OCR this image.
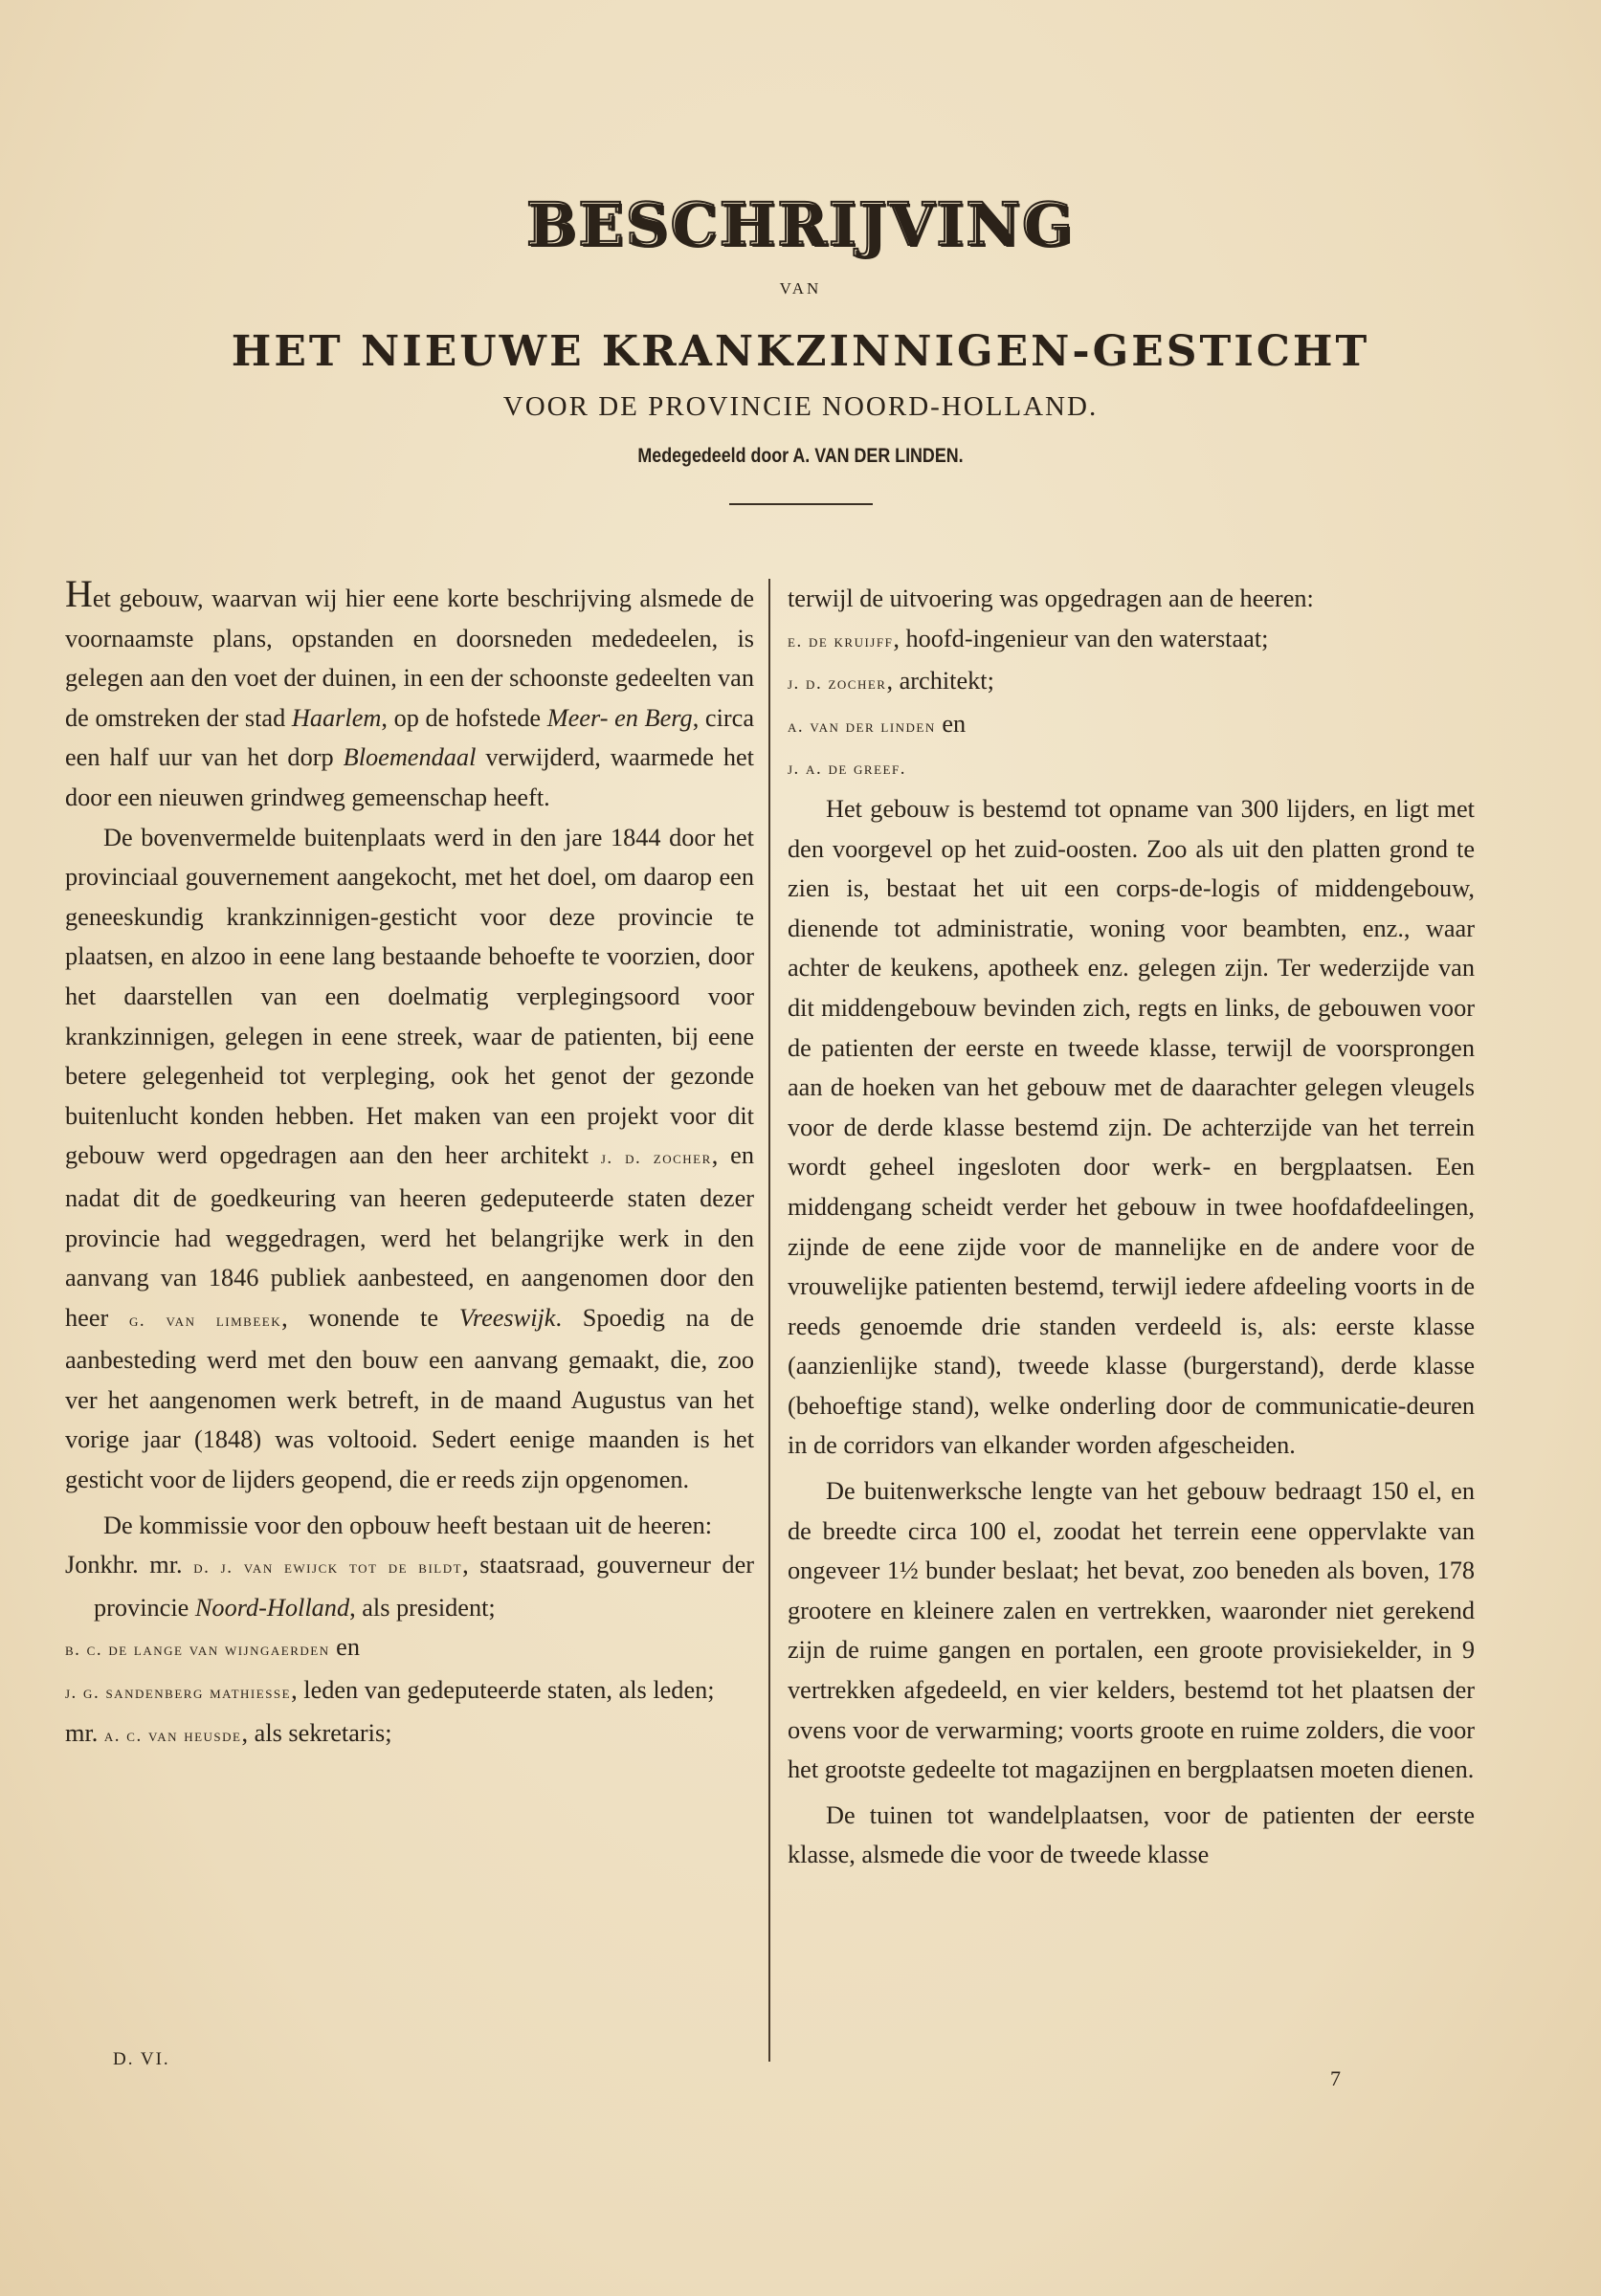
BESCHRIJVING
VAN
HET NIEUWE KRANKZINNIGEN-GESTICHT
VOOR DE PROVINCIE NOORD-HOLLAND.
Medegedeeld door A. VAN DER LINDEN.

Het gebouw, waarvan wij hier eene korte beschrijving alsmede de voornaamste plans, opstanden en doorsneden mededeelen, is gelegen aan den voet der duinen, in een der schoonste gedeelten van de omstreken der stad Haarlem, op de hofstede Meer- en Berg, circa een half uur van het dorp Bloemendaal verwijderd, waarmede het door een nieuwen grindweg gemeenschap heeft.

De bovenvermelde buitenplaats werd in den jare 1844 door het provinciaal gouvernement aangekocht, met het doel, om daarop een geneeskundig krankzinnigen-gesticht voor deze provincie te plaatsen, en alzoo in eene lang bestaande behoefte te voorzien, door het daarstellen van een doelmatig verplegingsoord voor krankzinnigen, gelegen in eene streek, waar de patienten, bij eene betere gelegenheid tot verpleging, ook het genot der gezonde buitenlucht konden hebben. Het maken van een projekt voor dit gebouw werd opgedragen aan den heer architekt j. d. zocher, en nadat dit de goedkeuring van heeren gedeputeerde staten dezer provincie had weggedragen, werd het belangrijke werk in den aanvang van 1846 publiek aanbesteed, en aangenomen door den heer g. van limbeek, wonende te Vreeswijk. Spoedig na de aanbesteding werd met den bouw een aanvang gemaakt, die, zoo ver het aangenomen werk betreft, in de maand Augustus van het vorige jaar (1848) was voltooid. Sedert eenige maanden is het gesticht voor de lijders geopend, die er reeds zijn opgenomen.

De kommissie voor den opbouw heeft bestaan uit de heeren:

Jonkhr. mr. d. j. van ewijck tot de bildt, staatsraad, gouverneur der provincie Noord-Holland, als president;

b. c. de lange van wijngaerden en

j. g. sandenberg mathiesse, leden van gedeputeerde staten, als leden;

mr. a. c. van heusde, als sekretaris;

terwijl de uitvoering was opgedragen aan de heeren:

e. de kruijff, hoofd-ingenieur van den waterstaat;

j. d. zocher, architekt;

a. van der linden en

j. a. de greef.

Het gebouw is bestemd tot opname van 300 lijders, en ligt met den voorgevel op het zuid-oosten. Zoo als uit den platten grond te zien is, bestaat het uit een corps-de-logis of middengebouw, dienende tot administratie, woning voor beambten, enz., waar achter de keukens, apotheek enz. gelegen zijn. Ter wederzijde van dit middengebouw bevinden zich, regts en links, de gebouwen voor de patienten der eerste en tweede klasse, terwijl de voorsprongen aan de hoeken van het gebouw met de daarachter gelegen vleugels voor de derde klasse bestemd zijn. De achterzijde van het terrein wordt geheel ingesloten door werk- en bergplaatsen. Een middengang scheidt verder het gebouw in twee hoofdafdeelingen, zijnde de eene zijde voor de mannelijke en de andere voor de vrouwelijke patienten bestemd, terwijl iedere afdeeling voorts in de reeds genoemde drie standen verdeeld is, als: eerste klasse (aanzienlijke stand), tweede klasse (burgerstand), derde klasse (behoeftige stand), welke onderling door de communicatie-deuren in de corridors van elkander worden afgescheiden.

De buitenwerksche lengte van het gebouw bedraagt 150 el, en de breedte circa 100 el, zoodat het terrein eene oppervlakte van ongeveer 1½ bunder beslaat; het bevat, zoo beneden als boven, 178 grootere en kleinere zalen en vertrekken, waaronder niet gerekend zijn de ruime gangen en portalen, een groote provisiekelder, in 9 vertrekken afgedeeld, en vier kelders, bestemd tot het plaatsen der ovens voor de verwarming; voorts groote en ruime zolders, die voor het grootste gedeelte tot magazijnen en bergplaatsen moeten dienen.

De tuinen tot wandelplaatsen, voor de patienten der eerste klasse, alsmede die voor de tweede klasse

D. VI.
7
